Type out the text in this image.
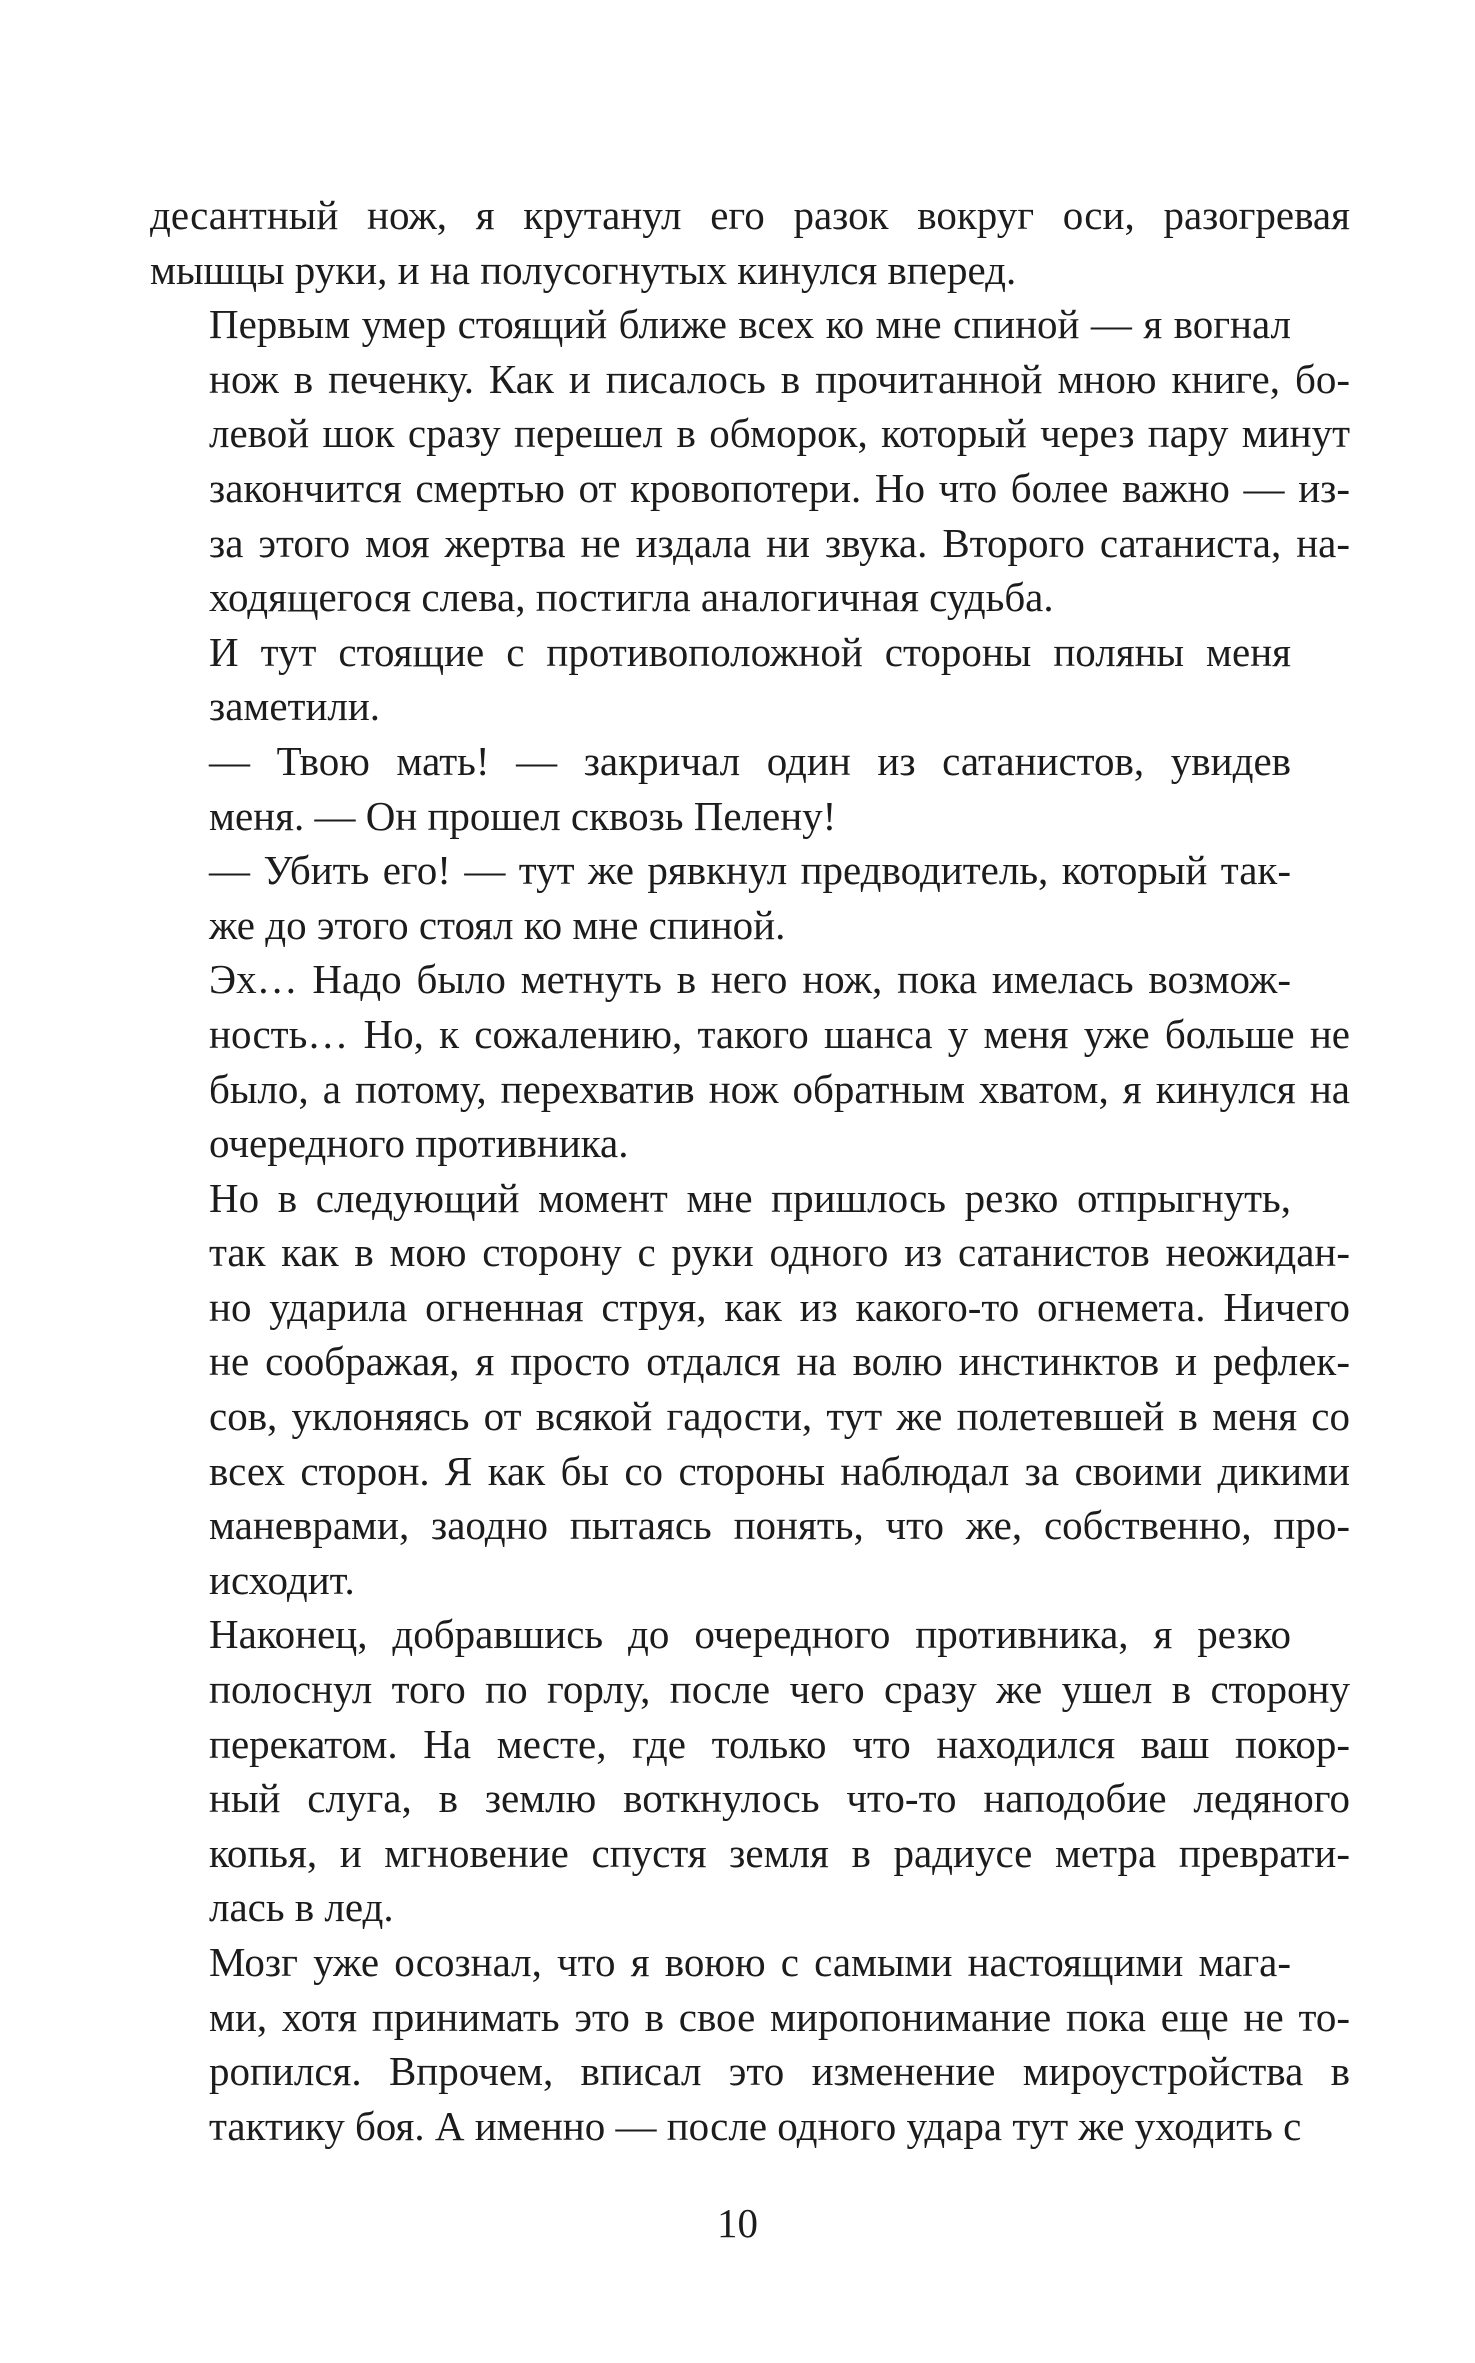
десантный нож, я крутанул его разок вокруг оси, разогревая
мышцы руки, и на полусогнутых кинулся вперед.

Первым умер стоящий ближе всех ко мне спиной — я вогнал
нож в печенку. Как и писалось в прочитанной мною книге, бо-
левой шок сразу перешел в обморок, который через пару минут
закончится смертью от кровопотери. Но что более важно — из-
за этого моя жертва не издала ни звука. Второго сатаниста, на-
ходящегося слева, постигла аналогичная судьба.

И тут стоящие с противоположной стороны поляны меня
заметили.

— Твою мать! — закричал один из сатанистов, увидев
меня. — Он прошел сквозь Пелену!

— Убить его! — тут же рявкнул предводитель, который так-
же до этого стоял ко мне спиной.

Эх… Надо было метнуть в него нож, пока имелась возмож-
ность… Но, к сожалению, такого шанса у меня уже больше не
было, а потому, перехватив нож обратным хватом, я кинулся на
очередного противника.

Но в следующий момент мне пришлось резко отпрыгнуть,
так как в мою сторону с руки одного из сатанистов неожидан-
но ударила огненная струя, как из какого-то огнемета. Ничего
не соображая, я просто отдался на волю инстинктов и рефлек-
сов, уклоняясь от всякой гадости, тут же полетевшей в меня со
всех сторон. Я как бы со стороны наблюдал за своими дикими
маневрами, заодно пытаясь понять, что же, собственно, про-
исходит.

Наконец, добравшись до очередного противника, я резко
полоснул того по горлу, после чего сразу же ушел в сторону
перекатом. На месте, где только что находился ваш покор-
ный слуга, в землю воткнулось что-то наподобие ледяного
копья, и мгновение спустя земля в радиусе метра преврати-
лась в лед.

Мозг уже осознал, что я воюю с самыми настоящими мага-
ми, хотя принимать это в свое миропонимание пока еще не то-
ропился. Впрочем, вписал это изменение мироустройства в
тактику боя. А именно — после одного удара тут же уходить с

10
